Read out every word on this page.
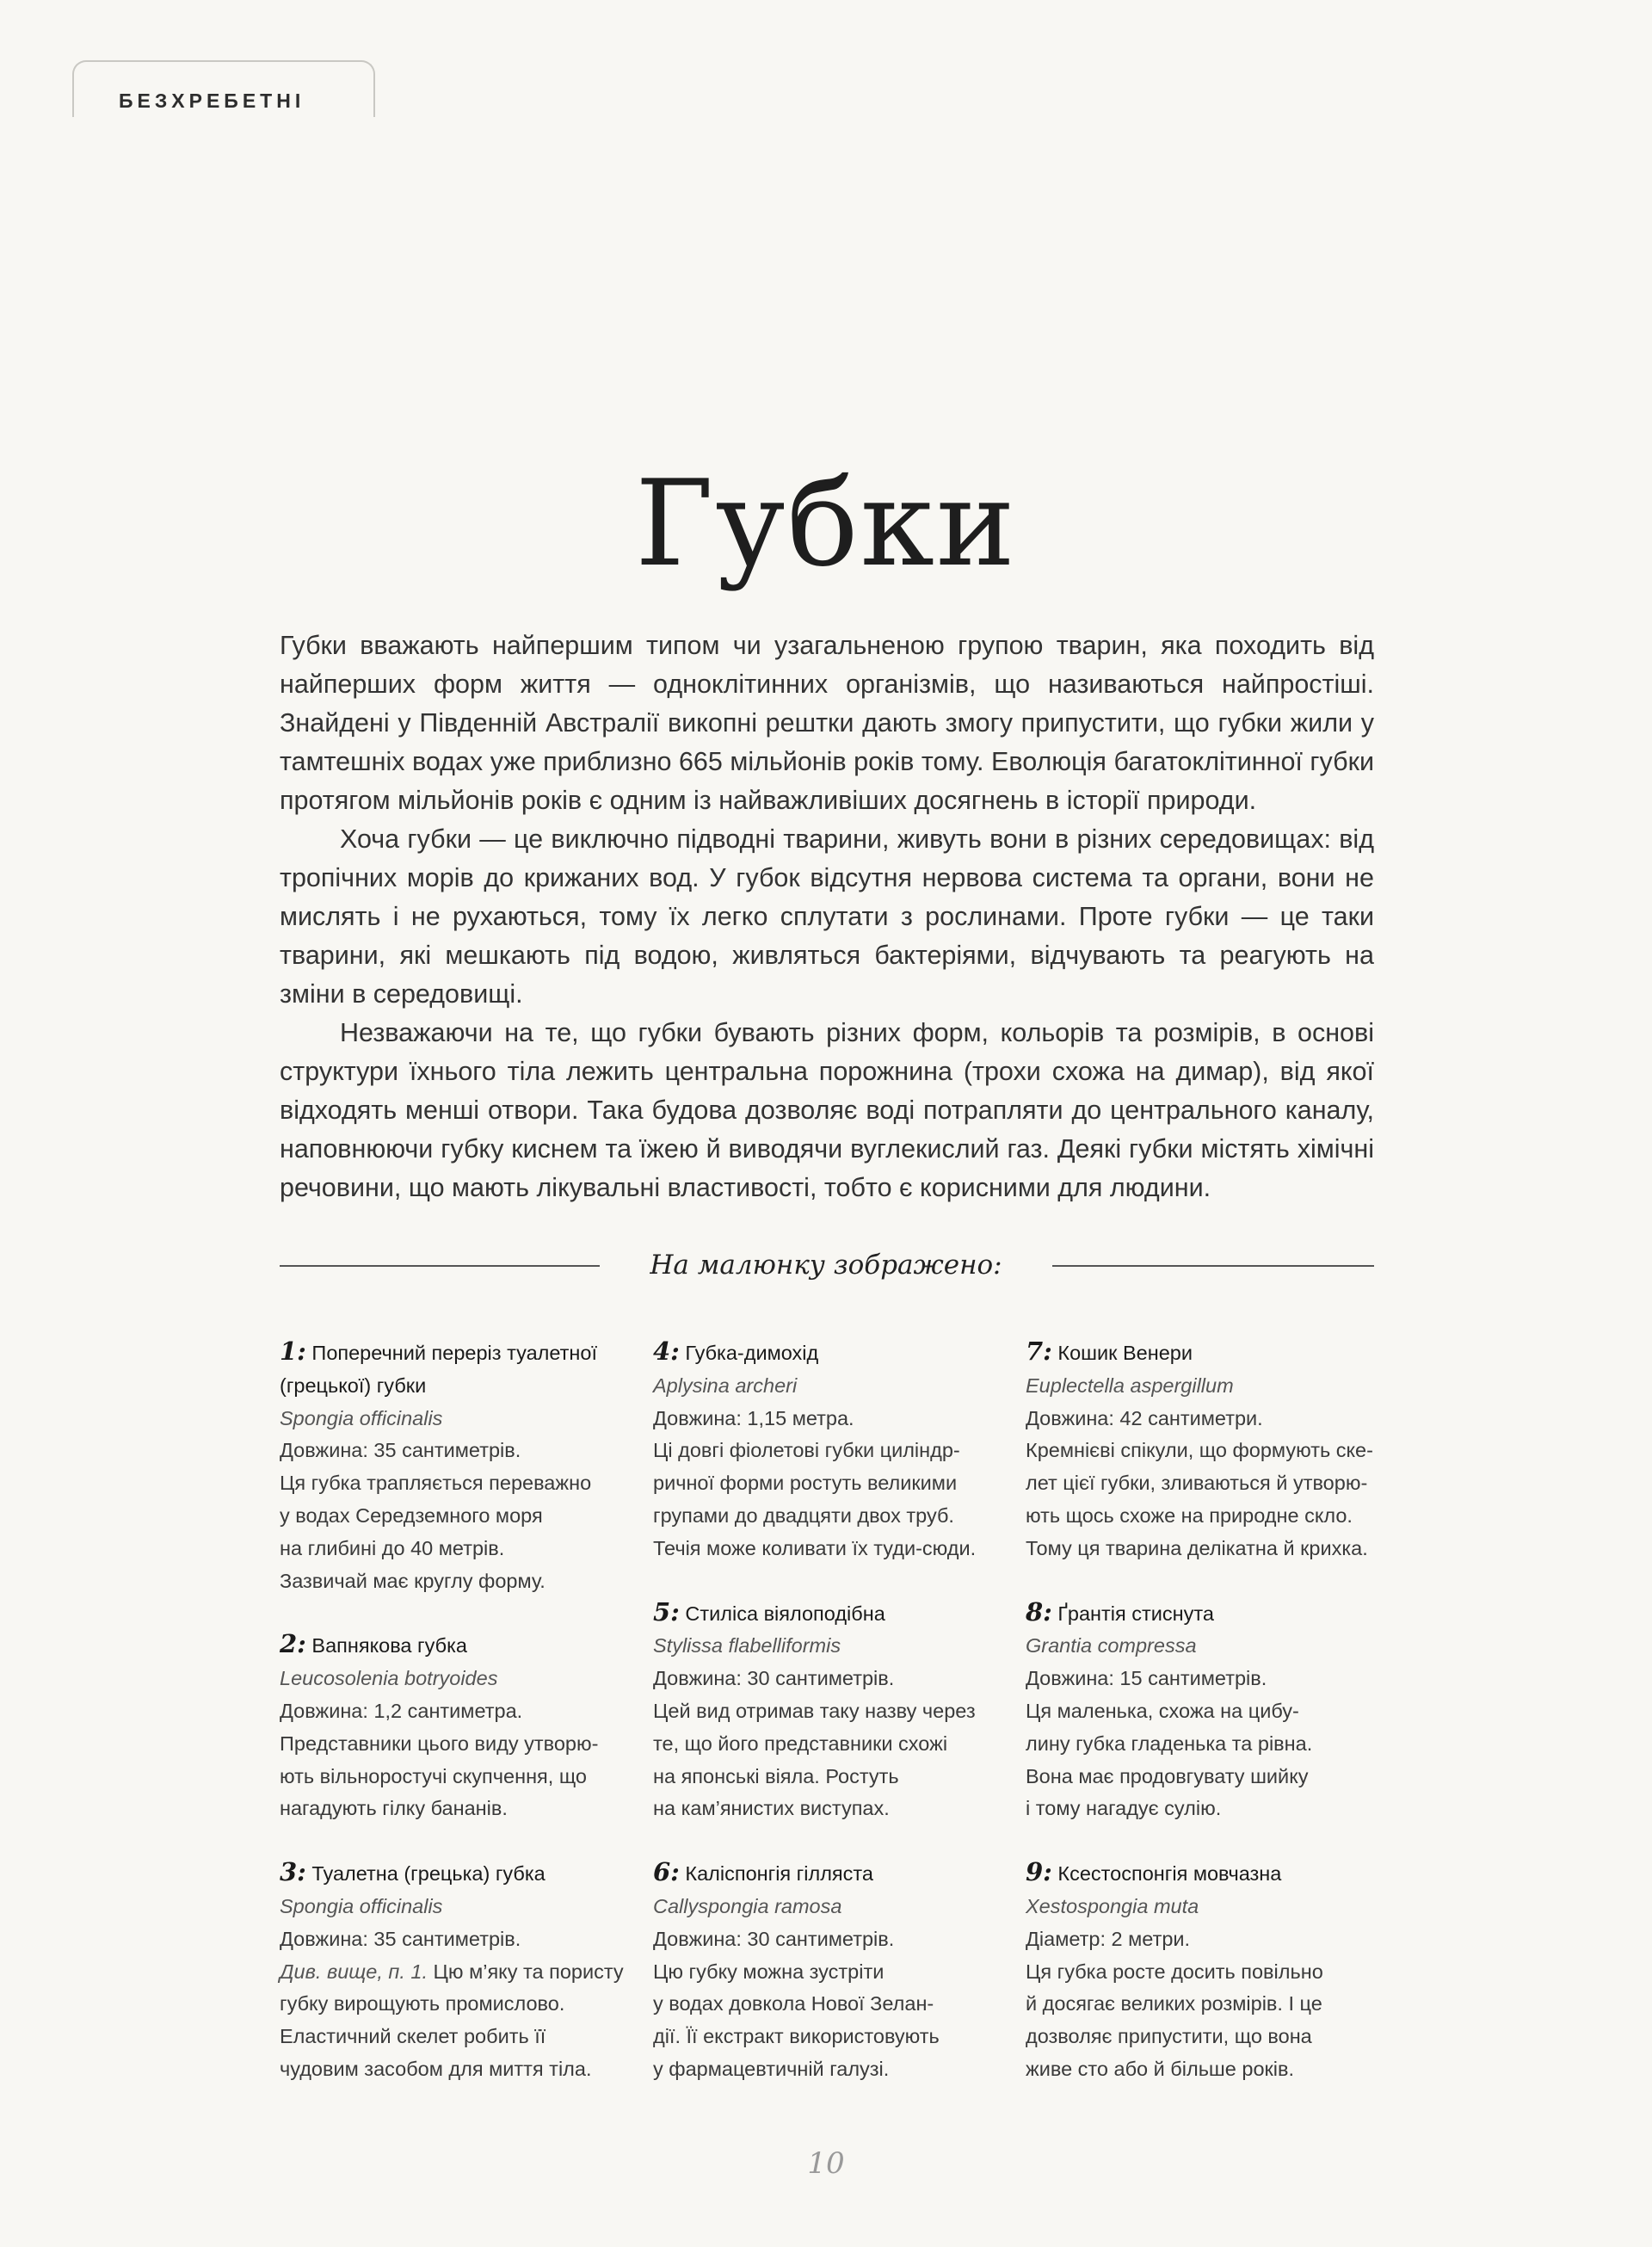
БЕЗХРЕБЕТНІ
Губки

Губки вважають найпершим типом чи узагальненою групою тварин, яка походить від найперших форм життя — одноклітинних організмів, що називаються найпростіші. Знайдені у Південній Австралії викопні рештки дають змогу припустити, що губки жили у тамтешніх водах уже приблизно 665 мільйонів років тому. Еволюція багатоклітинної губки протягом мільйонів років є одним із найважливіших досягнень в історії природи.

Хоча губки — це виключно підводні тварини, живуть вони в різних середовищах: від тропічних морів до крижаних вод. У губок відсутня нервова система та органи, вони не мислять і не рухаються, тому їх легко сплутати з рослинами. Проте губки — це таки тварини, які мешкають під водою, живляться бактеріями, відчувають та реагують на зміни в середовищі.

Незважаючи на те, що губки бувають різних форм, кольорів та розмірів, в основі структури їхнього тіла лежить центральна порожнина (трохи схожа на димар), від якої відходять менші отвори. Така будова дозволяє воді потрапляти до центрального каналу, наповнюючи губку киснем та їжею й виводячи вуглекислий газ. Деякі губки містять хімічні речовини, що мають лікувальні властивості, тобто є корисними для людини.

На малюнку зображено:
1: Поперечний переріз туалетної (грецької) губки
Spongia officinalis
Довжина: 35 сантиметрів.
Ця губка трапляється переважно
у водах Середземного моря
на глибині до 40 метрів.
Зазвичай має круглу форму.
2: Вапнякова губка
Leucosolenia botryoides
Довжина: 1,2 сантиметра.
Представники цього виду утворю-
ють вільноростучі скупчення, що
нагадують гілку бананів.
3: Туалетна (грецька) губка
Spongia officinalis
Довжина: 35 сантиметрів.
Див. вище, п. 1. Цю м’яку та пористу
губку вирощують промислово.
Еластичний скелет робить її
чудовим засобом для миття тіла.
4: Губка-димохід
Aplysina archeri
Довжина: 1,15 метра.
Ці довгі фіолетові губки циліндр-
ричної форми ростуть великими
групами до двадцяти двох труб.
Течія може коливати їх туди-сюди.
5: Стиліса віялоподібна
Stylissa flabelliformis
Довжина: 30 сантиметрів.
Цей вид отримав таку назву через
те, що його представники схожі
на японські віяла. Ростуть
на кам’янистих виступах.
6: Каліспонгія гілляста
Callyspongia ramosa
Довжина: 30 сантиметрів.
Цю губку можна зустріти
у водах довкола Нової Зелан-
дії. Її екстракт використовують
у фармацевтичній галузі.
7: Кошик Венери
Euplectella aspergillum
Довжина: 42 сантиметри.
Кремнієві спікули, що формують ске-
лет цієї губки, зливаються й утворю-
ють щось схоже на природне скло.
Тому ця тварина делікатна й крихка.
8: Ґрантія стиснута
Grantia compressa
Довжина: 15 сантиметрів.
Ця маленька, схожа на цибу-
лину губка гладенька та рівна.
Вона має продовгувату шийку
і тому нагадує сулію.
9: Ксестоспонгія мовчазна
Xestospongia muta
Діаметр: 2 метри.
Ця губка росте досить повільно
й досягає великих розмірів. І це
дозволяє припустити, що вона
живе сто або й більше років.
10
